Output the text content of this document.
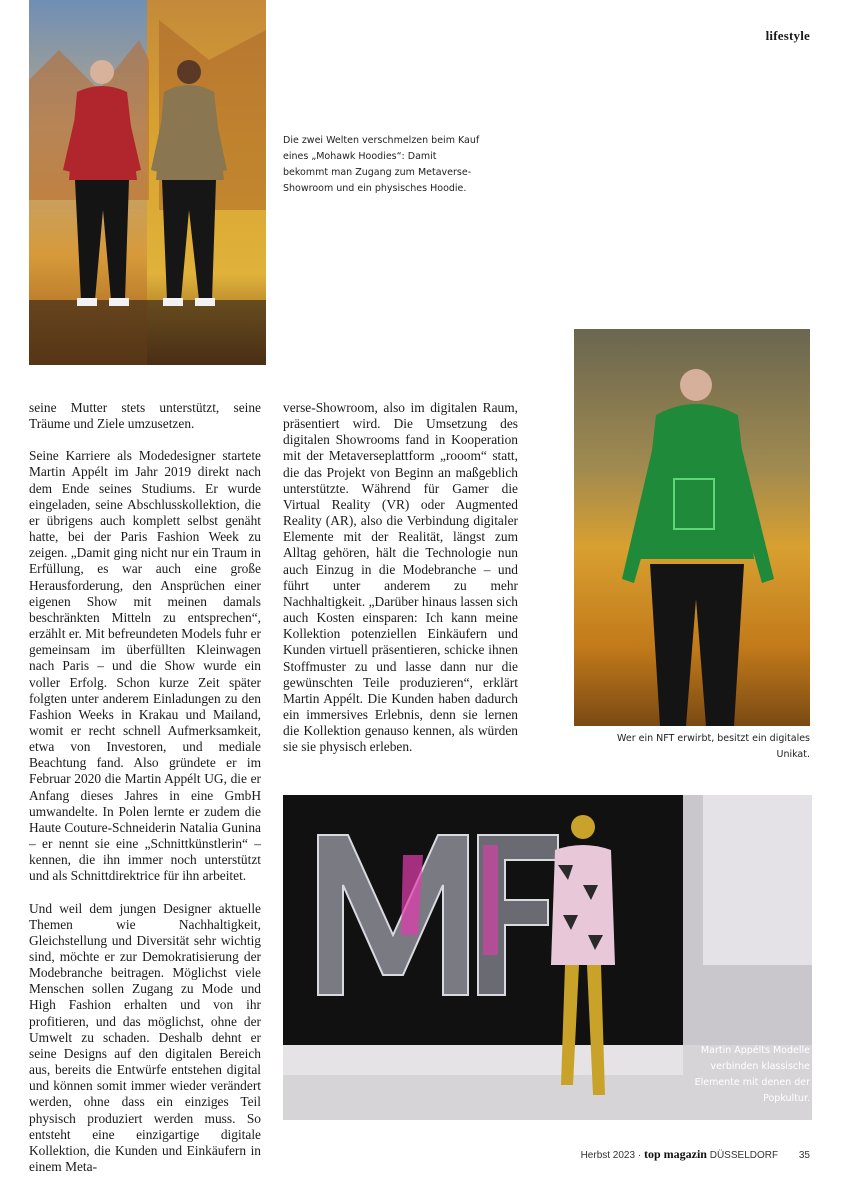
lifestyle
Die zwei Welten verschmelzen beim Kauf eines „Mohawk Hoodies“: Damit bekommt man Zugang zum Metaverse-Showroom und ein physisches Hoodie.
Wer ein NFT erwirbt, besitzt ein digitales Unikat.
Martin Appélts Modelle verbinden klassische Elemente mit denen der Popkultur.

seine Mutter stets unterstützt, seine Träume und Ziele umzusetzen.

Seine Karriere als Modedesigner startete Martin Appélt im Jahr 2019 direkt nach dem Ende seines Studiums. Er wurde eingeladen, seine Abschlusskollektion, die er übrigens auch komplett selbst genäht hatte, bei der Paris Fashion Week zu zeigen. „Damit ging nicht nur ein Traum in Erfüllung, es war auch eine große Herausforderung, den Ansprüchen einer eigenen Show mit meinen damals beschränkten Mitteln zu entsprechen“, erzählt er. Mit befreundeten Models fuhr er gemeinsam im überfüllten Kleinwagen nach Paris – und die Show wurde ein voller Erfolg. Schon kurze Zeit später folgten unter anderem Einladungen zu den Fashion Weeks in Krakau und Mailand, womit er recht schnell Aufmerksamkeit, etwa von Investoren, und mediale Beachtung fand. Also gründete er im Februar 2020 die Martin Appélt UG, die er Anfang dieses Jahres in eine GmbH umwandelte. In Polen lernte er zudem die Haute Couture-Schneiderin Natalia Gunina – er nennt sie eine „Schnittkünstlerin“ – kennen, die ihn immer noch unterstützt und als Schnittdirektrice für ihn arbeitet.

Und weil dem jungen Designer aktuelle Themen wie Nachhaltigkeit, Gleichstellung und Diversität sehr wichtig sind, möchte er zur Demokratisierung der Modebranche beitragen. Möglichst viele Menschen sollen Zugang zu Mode und High Fashion erhalten und von ihr profitieren, und das möglichst, ohne der Umwelt zu schaden. Deshalb dehnt er seine Designs auf den digitalen Bereich aus, bereits die Entwürfe entstehen digital und können somit immer wieder verändert werden, ohne dass ein einziges Teil physisch produziert werden muss. So entsteht eine einzigartige digitale Kollektion, die Kunden und Einkäufern in einem Meta-

verse-Showroom, also im digitalen Raum, präsentiert wird. Die Umsetzung des digitalen Showrooms fand in Kooperation mit der Metaverseplattform „rooom“ statt, die das Projekt von Beginn an maßgeblich unterstützte. Während für Gamer die Virtual Reality (VR) oder Augmented Reality (AR), also die Verbindung digitaler Elemente mit der Realität, längst zum Alltag gehören, hält die Technologie nun auch Einzug in die Modebranche – und führt unter anderem zu mehr Nachhaltigkeit. „Darüber hinaus lassen sich auch Kosten einsparen: Ich kann meine Kollektion potenziellen Einkäufern und Kunden virtuell präsentieren, schicke ihnen Stoffmuster zu und lasse dann nur die gewünschten Teile produzieren“, erklärt Martin Appélt. Die Kunden haben dadurch ein immersives Erlebnis, denn sie lernen die Kollektion genauso kennen, als würden sie sie physisch erleben.

Herbst 2023 · top magazin DÜSSELDORF 35
